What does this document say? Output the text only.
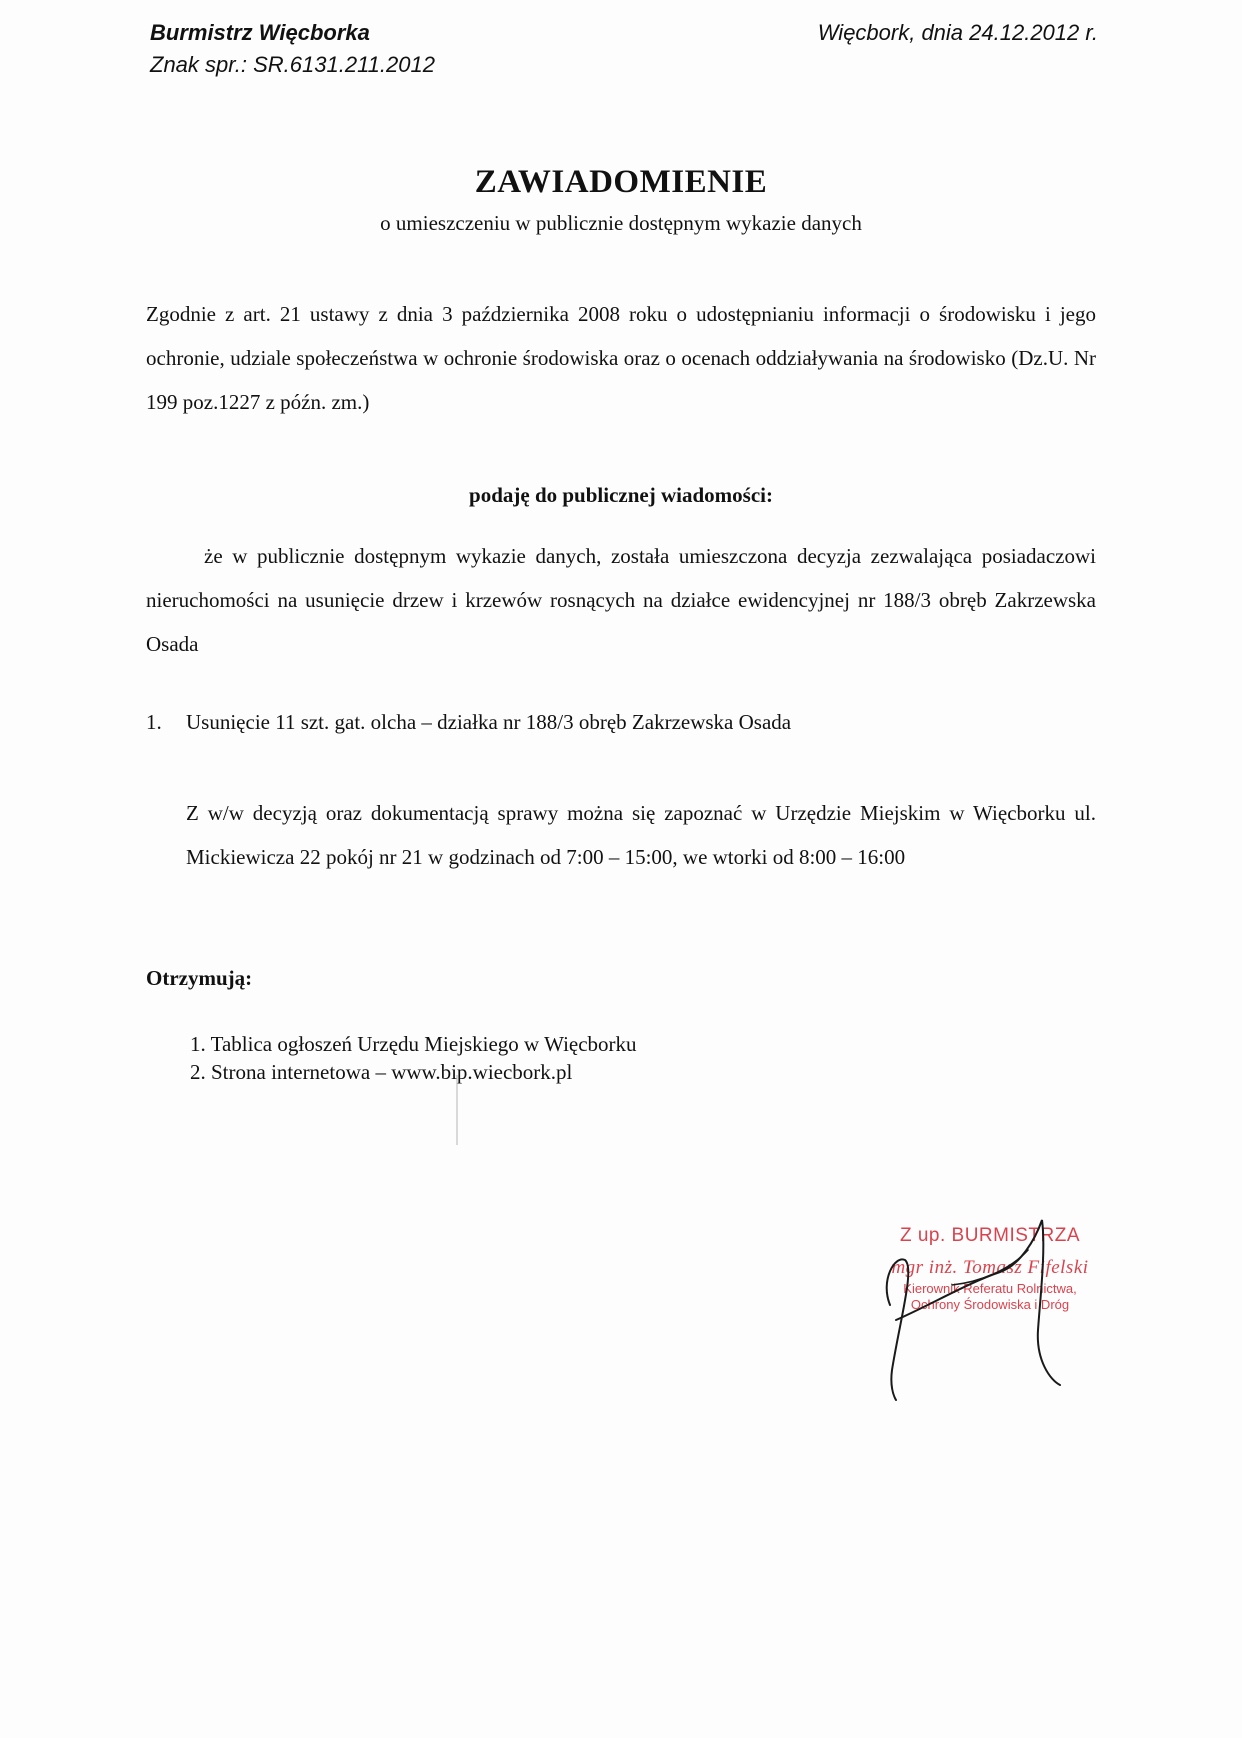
Burmistrz Więcborka
Znak spr.: SR.6131.211.2012
Więcbork, dnia 24.12.2012 r.
ZAWIADOMIENIE
o umieszczeniu w publicznie dostępnym wykazie danych
Zgodnie z art. 21 ustawy z dnia 3 października 2008 roku o udostępnianiu informacji o środowisku i jego ochronie, udziale społeczeństwa w ochronie środowiska oraz o ocenach oddziaływania na środowisko (Dz.U. Nr 199 poz.1227 z późn. zm.)
podaję do publicznej wiadomości:
że w publicznie dostępnym wykazie danych, została umieszczona decyzja zezwalająca posiadaczowi nieruchomości na usunięcie drzew i krzewów rosnących na działce ewidencyjnej nr 188/3 obręb Zakrzewska Osada
1. Usunięcie 11 szt. gat. olcha – działka nr 188/3 obręb Zakrzewska Osada
Z w/w decyzją oraz dokumentacją sprawy można się zapoznać w Urzędzie Miejskim w Więcborku ul. Mickiewicza 22 pokój nr 21 w godzinach od 7:00 – 15:00, we wtorki od 8:00 – 16:00
Otrzymują:
1. Tablica ogłoszeń Urzędu Miejskiego w Więcborku
2. Strona internetowa – www.bip.wiecbork.pl
Z up. BURMISTRZA
mgr inż. Tomasz Fifelski
Kierownik Referatu Rolnictwa,
Ochrony Środowiska i Dróg
